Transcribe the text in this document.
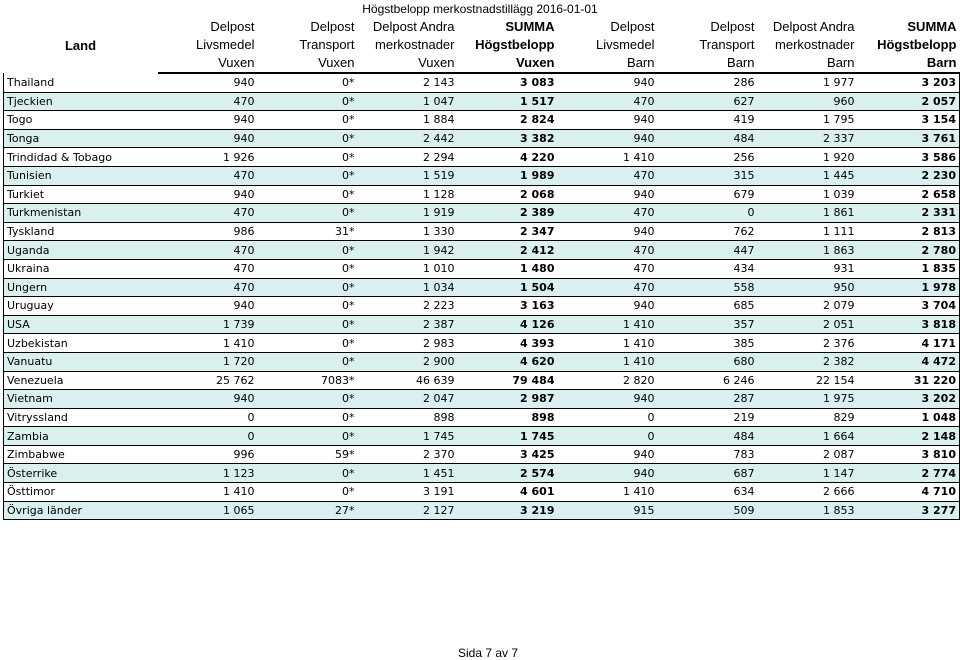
Högstbelopp merkostnadstillägg 2016-01-01
Land	Delpost	Delpost	Delpost Andra	SUMMA	Delpost	Delpost	Delpost Andra	SUMMA
	Livsmedel	Transport	merkostnader	Högstbelopp	Livsmedel	Transport	merkostnader	Högstbelopp
	Vuxen	Vuxen	Vuxen	Vuxen	Barn	Barn	Barn	Barn
Thailand	940	0*	2 143	3 083	940	286	1 977	3 203
Tjeckien	470	0*	1 047	1 517	470	627	960	2 057
Togo	940	0*	1 884	2 824	940	419	1 795	3 154
Tonga	940	0*	2 442	3 382	940	484	2 337	3 761
Trindidad & Tobago	1 926	0*	2 294	4 220	1 410	256	1 920	3 586
Tunisien	470	0*	1 519	1 989	470	315	1 445	2 230
Turkiet	940	0*	1 128	2 068	940	679	1 039	2 658
Turkmenistan	470	0*	1 919	2 389	470	0	1 861	2 331
Tyskland	986	31*	1 330	2 347	940	762	1 111	2 813
Uganda	470	0*	1 942	2 412	470	447	1 863	2 780
Ukraina	470	0*	1 010	1 480	470	434	931	1 835
Ungern	470	0*	1 034	1 504	470	558	950	1 978
Uruguay	940	0*	2 223	3 163	940	685	2 079	3 704
USA	1 739	0*	2 387	4 126	1 410	357	2 051	3 818
Uzbekistan	1 410	0*	2 983	4 393	1 410	385	2 376	4 171
Vanuatu	1 720	0*	2 900	4 620	1 410	680	2 382	4 472
Venezuela	25 762	7083*	46 639	79 484	2 820	6 246	22 154	31 220
Vietnam	940	0*	2 047	2 987	940	287	1 975	3 202
Vitryssland	0	0*	898	898	0	219	829	1 048
Zambia	0	0*	1 745	1 745	0	484	1 664	2 148
Zimbabwe	996	59*	2 370	3 425	940	783	2 087	3 810
Österrike	1 123	0*	1 451	2 574	940	687	1 147	2 774
Östtimor	1 410	0*	3 191	4 601	1 410	634	2 666	4 710
Övriga länder	1 065	27*	2 127	3 219	915	509	1 853	3 277
Sida 7 av 7
